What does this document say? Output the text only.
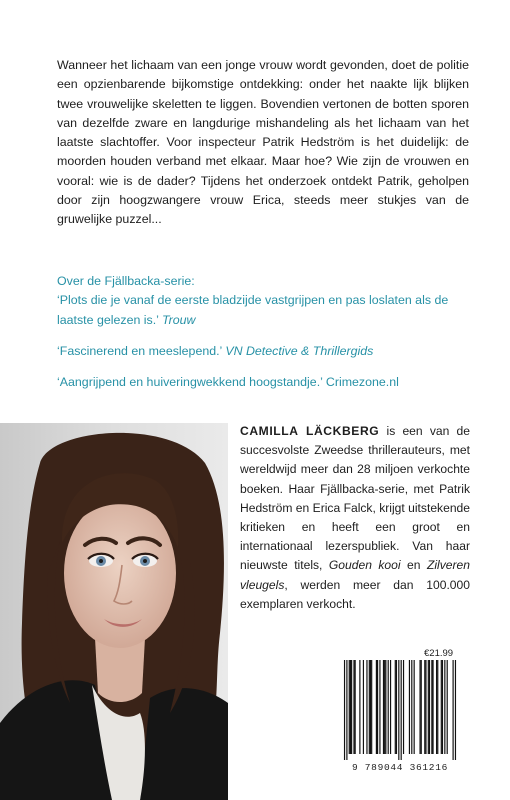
Wanneer het lichaam van een jonge vrouw wordt gevonden, doet de politie een opzienbarende bijkomstige ontdekking: onder het naakte lijk blijken twee vrouwelijke skeletten te liggen. Bovendien vertonen de botten sporen van dezelfde zware en langdurige mishandeling als het lichaam van het laatste slachtoffer. Voor inspecteur Patrik Hedström is het duidelijk: de moorden houden verband met elkaar. Maar hoe? Wie zijn de vrouwen en vooral: wie is de dader? Tijdens het onderzoek ontdekt Patrik, geholpen door zijn hoogzwangere vrouw Erica, steeds meer stukjes van de gruwelijke puzzel...

Over de Fjällbacka-serie:

‘Plots die je vanaf de eerste bladzijde vastgrijpen en pas loslaten als de laatste gelezen is.’ Trouw

‘Fascinerend en meeslepend.’ VN Detective & Thrillergids

‘Aangrijpend en huiveringwekkend hoogstandje.’ Crimezone.nl

CAMILLA LÄCKBERG is een van de succesvolste Zweedse thrillerauteurs, met wereldwijd meer dan 28 miljoen verkochte boeken. Haar Fjällbacka-serie, met Patrik Hedström en Erica Falck, krijgt uitstekende kritieken en heeft een groot en internationaal lezerspubliek. Van haar nieuwste titels, Gouden kooi en Zilveren vleugels, werden meer dan 100.000 exemplaren verkocht.
€21.99
9 789044 361216
